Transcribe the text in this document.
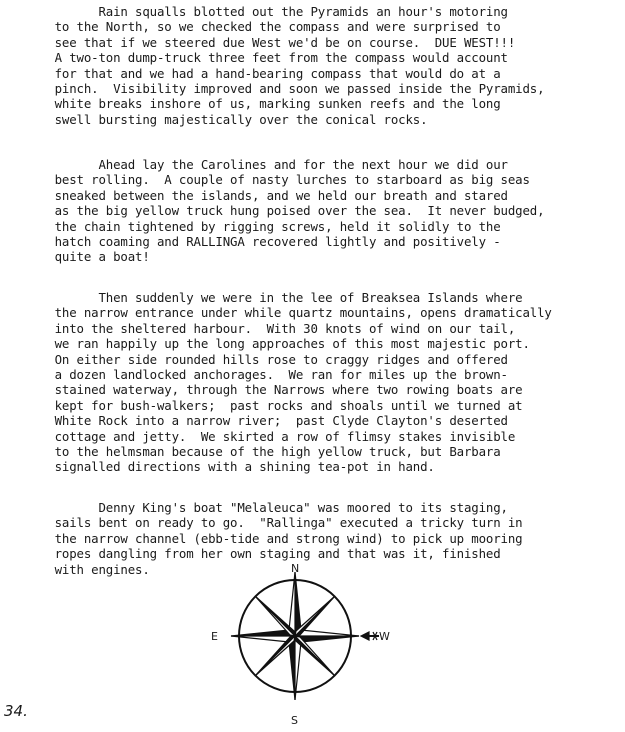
Rain squalls blotted out the Pyramids an hour's motoring
to the North, so we checked the compass and were surprised to
see that if we steered due West we'd be on course.  DUE WEST!!!
A two-ton dump-truck three feet from the compass would account
for that and we had a hand-bearing compass that would do at a
pinch.  Visibility improved and soon we passed inside the Pyramids,
white breaks inshore of us, marking sunken reefs and the long
swell bursting majestically over the conical rocks.
Ahead lay the Carolines and for the next hour we did our
best rolling.  A couple of nasty lurches to starboard as big seas
sneaked between the islands, and we held our breath and stared
as the big yellow truck hung poised over the sea.  It never budged,
the chain tightened by rigging screws, held it solidly to the
hatch coaming and RALLINGA recovered lightly and positively -
quite a boat!
Then suddenly we were in the lee of Breaksea Islands where
the narrow entrance under while quartz mountains, opens dramatically
into the sheltered harbour.  With 30 knots of wind on our tail,
we ran happily up the long approaches of this most majestic port.
On either side rounded hills rose to craggy ridges and offered
a dozen landlocked anchorages.  We ran for miles up the brown-
stained waterway, through the Narrows where two rowing boats are
kept for bush-walkers;  past rocks and shoals until we turned at
White Rock into a narrow river;  past Clyde Clayton's deserted
cottage and jetty.  We skirted a row of flimsy stakes invisible
to the helmsman because of the high yellow truck, but Barbara
signalled directions with a shining tea-pot in hand.
Denny King's boat "Melaleuca" was moored to its staging,
sails bent on ready to go.  "Rallinga" executed a tricky turn in
the narrow channel (ebb-tide and strong wind) to pick up mooring
ropes dangling from her own staging and that was it, finished
with engines.	N
E	W
S
34.
